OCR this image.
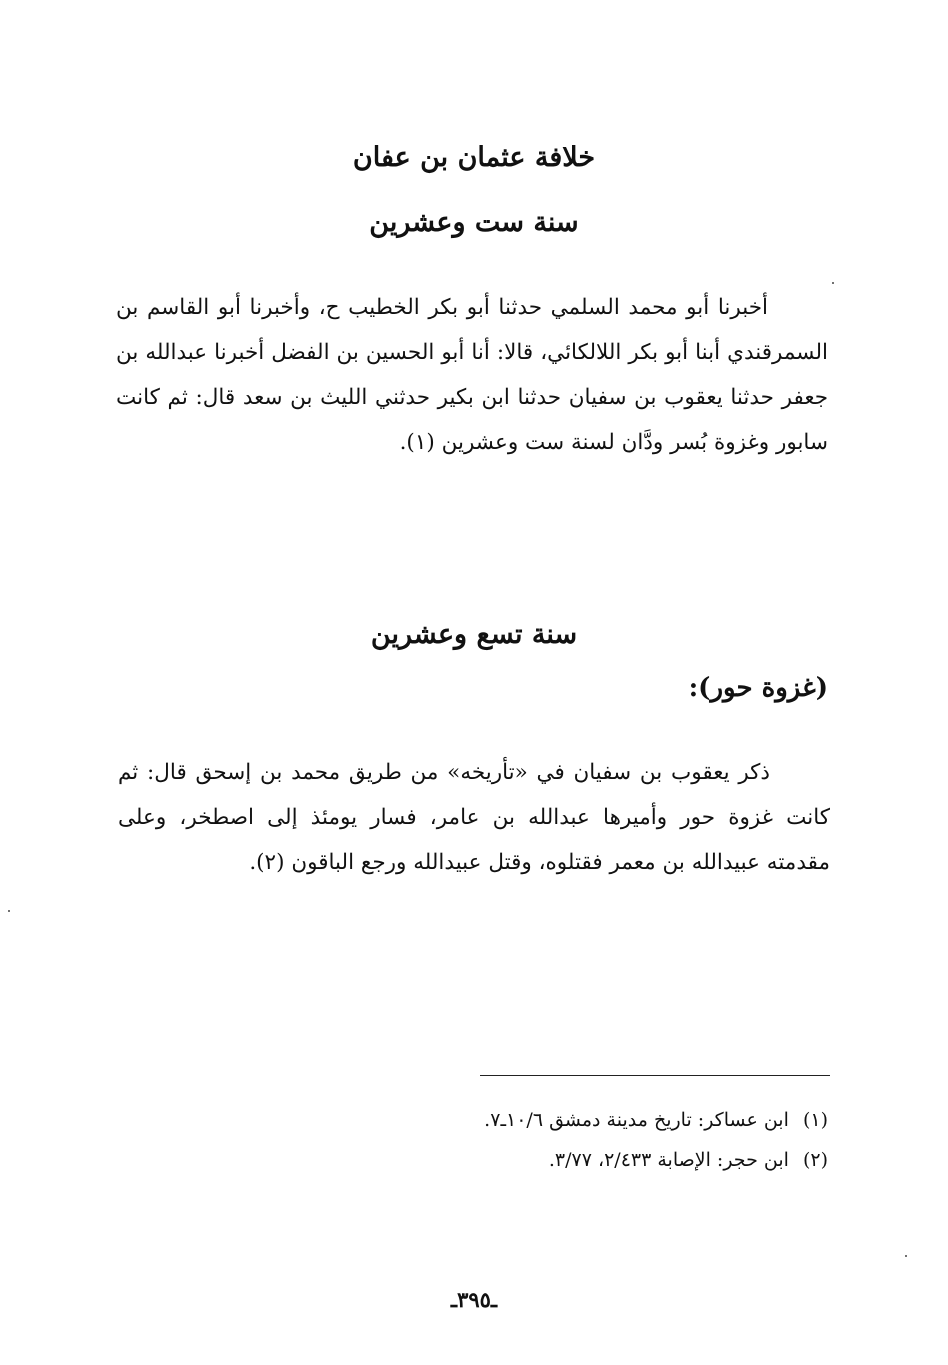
خلافة عثمان بن عفان
سنة ست وعشرين

أخبرنا أبو محمد السلمي حدثنا أبو بكر الخطيب ح، وأخبرنا أبو القاسم بن السمرقندي أبنا أبو بكر اللالكائي، قالا: أنا أبو الحسين بن الفضل أخبرنا عبدالله بن جعفر حدثنا يعقوب بن سفيان حدثنا ابن بكير حدثني الليث بن سعد قال: ثم كانت سابور وغزوة بُسر ودَّان لسنة ست وعشرين (١).

سنة تسع وعشرين
(غزوة حور):

ذكر يعقوب بن سفيان في «تأريخه» من طريق محمد بن إسحق قال: ثم كانت غزوة حور وأميرها عبدالله بن عامر، فسار يومئذ إلى اصطخر، وعلى مقدمته عبيدالله بن معمر فقتلوه، وقتل عبيدالله ورجع الباقون (٢).

(١) ابن عساكر: تاريخ مدينة دمشق ١٠/٦ـ٧.
(٢) ابن حجر: الإصابة ٢/٤٣٣، ٣/٧٧.
ـ٣٩٥ـ
